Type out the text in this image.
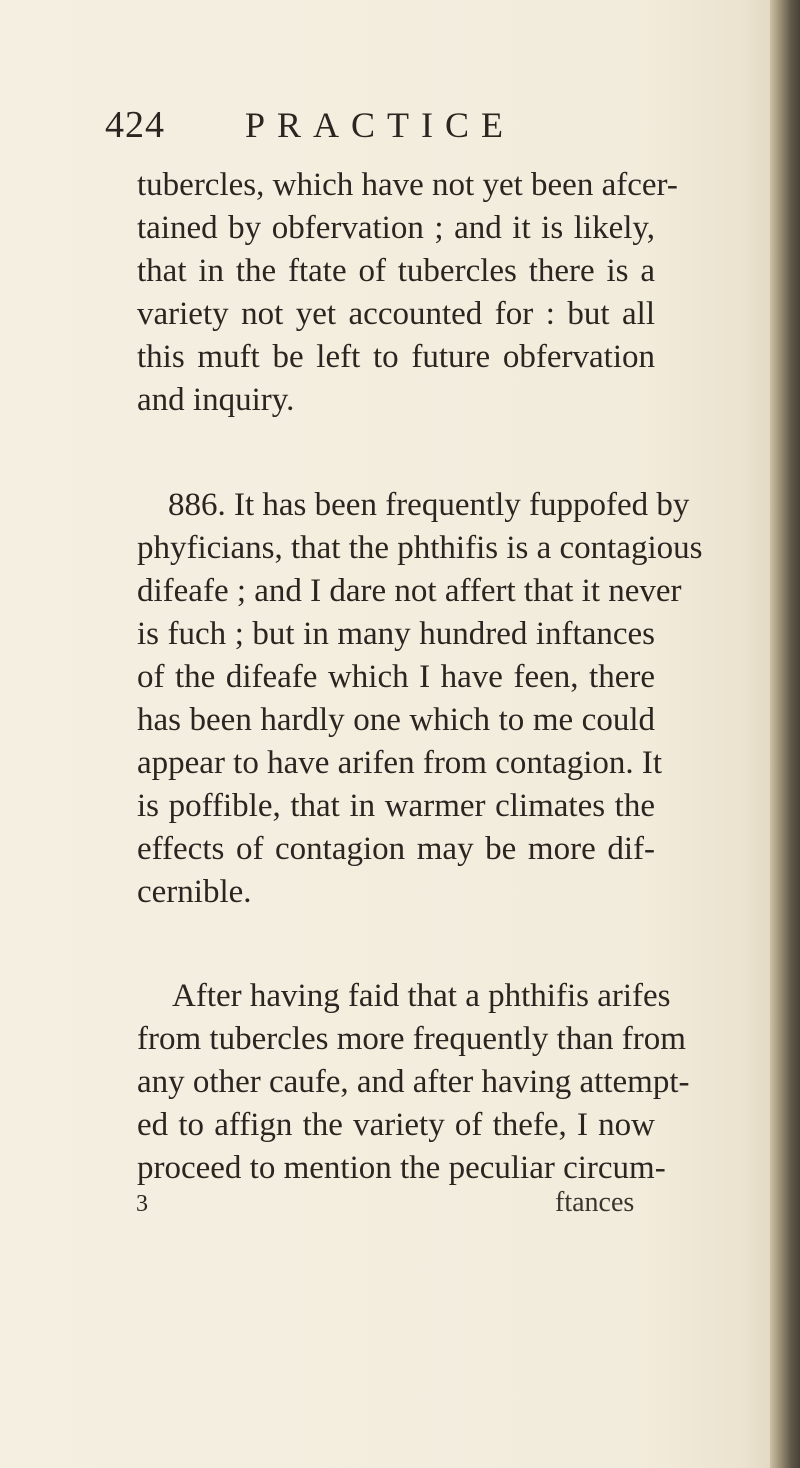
424 PRACTICE
tubercles, which have not yet been afcer-
tained by obfervation ; and it is likely,
that in the ftate of tubercles there is a
variety not yet accounted for : but all
this muft be left to future obfervation
and inquiry.
886. It has been frequently fuppofed by
phyficians, that the phthifis is a contagious
difeafe ; and I dare not affert that it never
is fuch ; but in many hundred inftances
of the difeafe which I have feen, there
has been hardly one which to me could
appear to have arifen from contagion. It
is poffible, that in warmer climates the
effects of contagion may be more dif-
cernible.
After having faid that a phthifis arifes
from tubercles more frequently than from
any other caufe, and after having attempt-
ed to affign the variety of thefe, I now
proceed to mention the peculiar circum-
3	ftances
